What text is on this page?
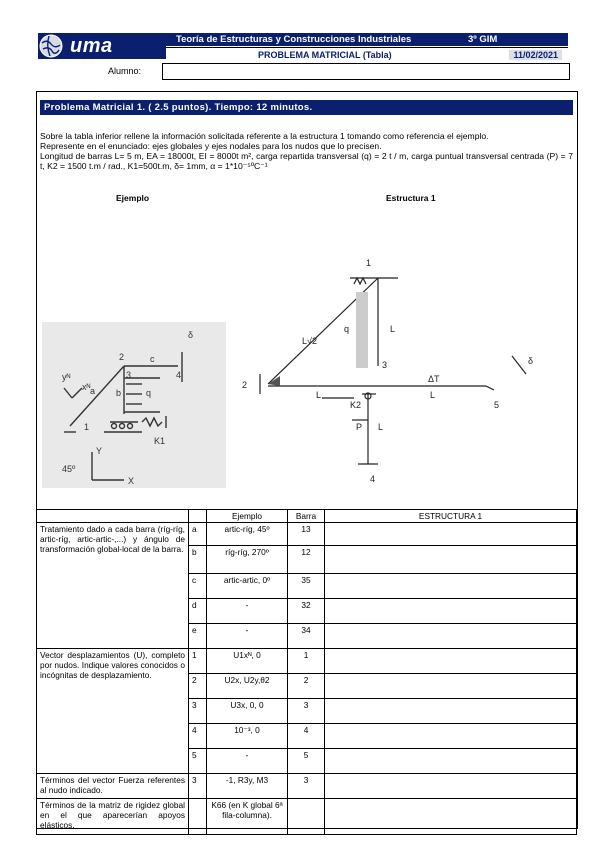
uma	Teoría de Estructuras y Construcciones Industriales	3º GIM
PROBLEMA MATRICIAL (Tabla)	11/02/2021
Alumno:
Problema Matricial 1. ( 2.5 puntos). Tiempo: 12 minutos.
Sobre la tabla inferior rellene la información solicitada referente a la estructura 1 tomando como referencia el ejemplo.
Represente en el enunciado: ejes globales y ejes nodales para los nudos que lo precisen.
Longitud de barras L= 5 m, EA = 18000t, EI = 8000t m², carga repartida transversal (q) = 2 t / m, carga puntual transversal centrada (P) = 7 t, K2 = 1500 t.m / rad., K1=500t.m, δ= 1mm, α = 1*10⁻⁵ºC⁻¹
Ejemplo	Estructura 1
2
1
3	4
a b
c
q
δ
K1
45º
X
Y
xᴺ
yᴺ
1
2
3
4
5
L√2
q	L
L
ΔT
L
P L
K2
δ
		Ejemplo	Barra	ESTRUCTURA 1
Tratamiento dado a cada barra (ríg-ríg, artic-ríg, artic-artic-,...) y ángulo de transformación global-local de la barra.	a	artic-ríg, 45º	13	
	b	ríg-ríg, 270º	12	
	c	artic-artic, 0º	35	
	d	-	32	
	e	-	34	
Vector desplazamientos (U), completo por nudos. Indique valores conocidos o incógnitas de desplazamiento.	1	U1xᴺ, 0	1	
	2	U2x, U2y,θ2	2	
	3	U3x, 0, 0	3	
	4	10⁻³, 0	4	
	5	-	5	
Términos del vector Fuerza referentes al nudo indicado.	3	-1, R3y, M3	3	
Términos de la matriz de rigidez global en el que aparecerían apoyos elásticos.		K66 (en K global 6ª fila-columna).		
